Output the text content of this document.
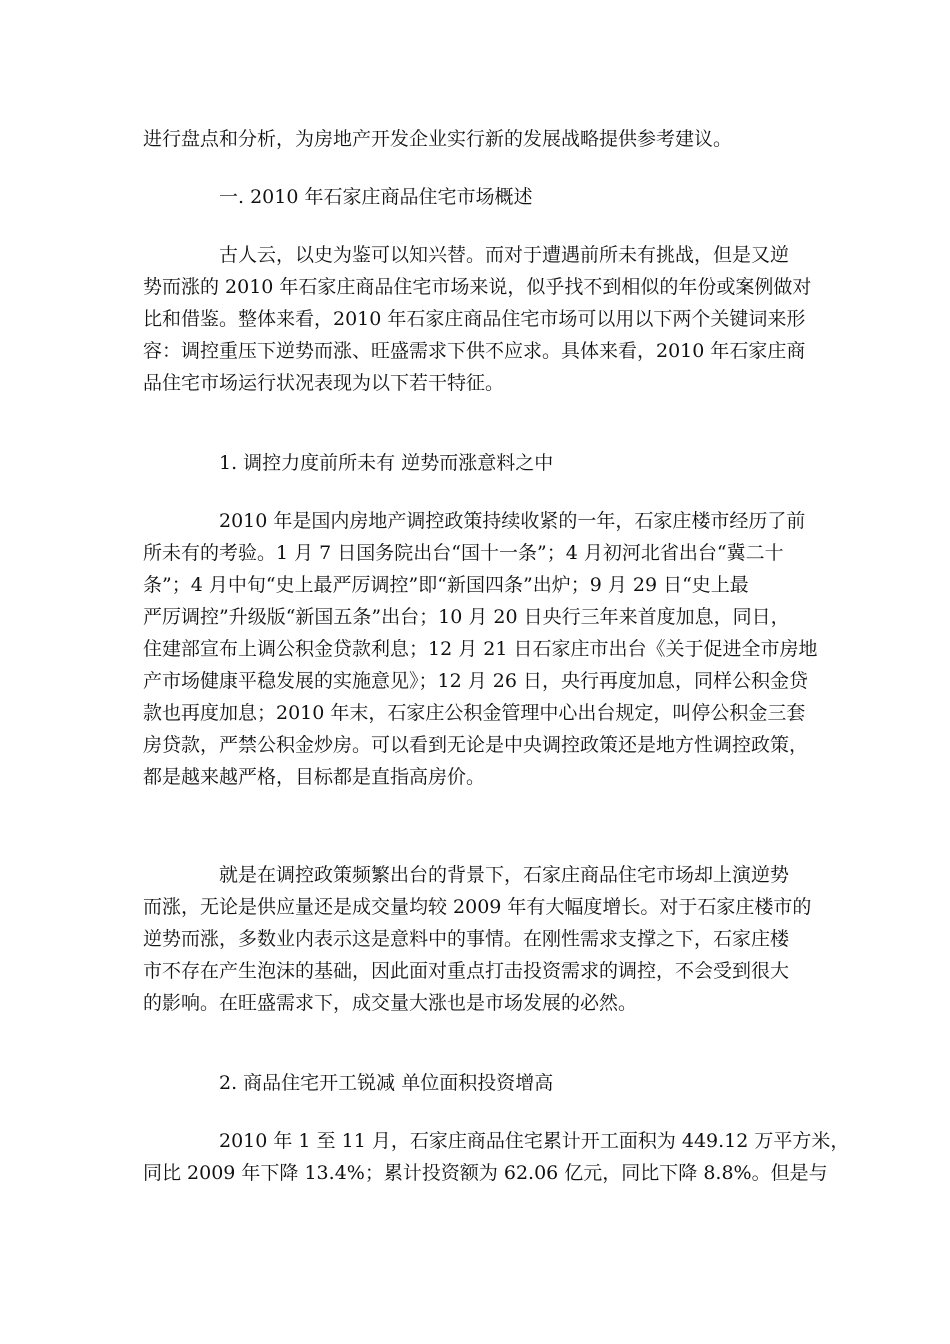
进行盘点和分析，为房地产开发企业实行新的发展战略提供参考建议。
一. 2010 年石家庄商品住宅市场概述
古人云，以史为鉴可以知兴替。而对于遭遇前所未有挑战，但是又逆
势而涨的 2010 年石家庄商品住宅市场来说，似乎找不到相似的年份或案例做对
比和借鉴。整体来看，2010 年石家庄商品住宅市场可以用以下两个关键词来形
容：调控重压下逆势而涨、旺盛需求下供不应求。具体来看，2010 年石家庄商
品住宅市场运行状况表现为以下若干特征。
1. 调控力度前所未有 逆势而涨意料之中
2010 年是国内房地产调控政策持续收紧的一年，石家庄楼市经历了前
所未有的考验。1 月 7 日国务院出台“国十一条”；4 月初河北省出台“冀二十
条”；4 月中旬“史上最严厉调控”即“新国四条”出炉；9 月 29 日“史上最
严厉调控”升级版“新国五条”出台；10 月 20 日央行三年来首度加息，同日，
住建部宣布上调公积金贷款利息；12 月 21 日石家庄市出台《关于促进全市房地
产市场健康平稳发展的实施意见》；12 月 26 日，央行再度加息，同样公积金贷
款也再度加息；2010 年末，石家庄公积金管理中心出台规定，叫停公积金三套
房贷款，严禁公积金炒房。可以看到无论是中央调控政策还是地方性调控政策，
都是越来越严格，目标都是直指高房价。
就是在调控政策频繁出台的背景下，石家庄商品住宅市场却上演逆势
而涨，无论是供应量还是成交量均较 2009 年有大幅度增长。对于石家庄楼市的
逆势而涨，多数业内表示这是意料中的事情。在刚性需求支撑之下，石家庄楼
市不存在产生泡沫的基础，因此面对重点打击投资需求的调控，不会受到很大
的影响。在旺盛需求下，成交量大涨也是市场发展的必然。
2. 商品住宅开工锐减 单位面积投资增高
2010 年 1 至 11 月，石家庄商品住宅累计开工面积为 449.12 万平方米，
同比 2009 年下降 13.4%；累计投资额为 62.06 亿元，同比下降 8.8%。但是与
